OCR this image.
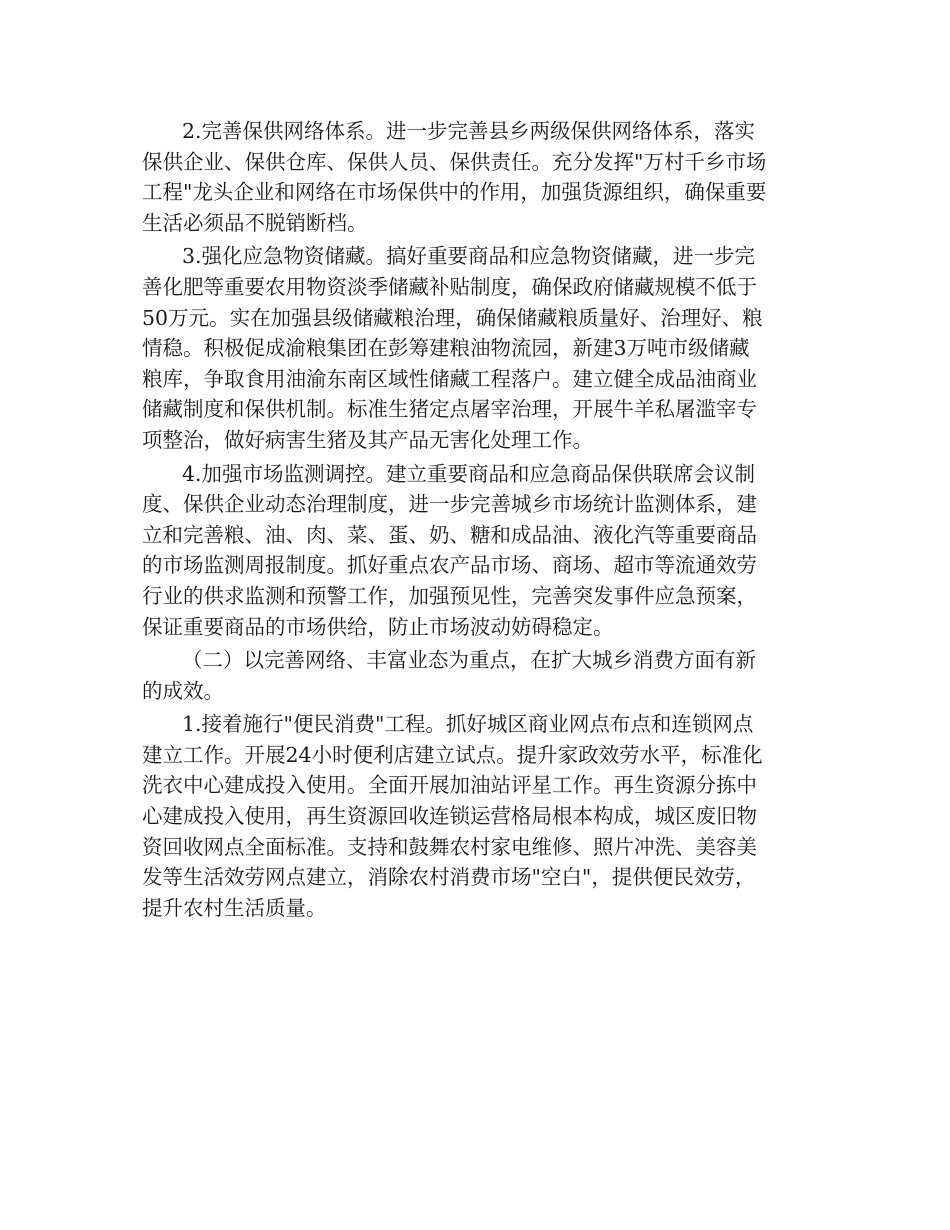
2.完善保供网络体系。进一步完善县乡两级保供网络体系，落实
保供企业、保供仓库、保供人员、保供责任。充分发挥"万村千乡市场
工程"龙头企业和网络在市场保供中的作用，加强货源组织，确保重要
生活必须品不脱销断档。
3.强化应急物资储藏。搞好重要商品和应急物资储藏，进一步完
善化肥等重要农用物资淡季储藏补贴制度，确保政府储藏规模不低于
50万元。实在加强县级储藏粮治理，确保储藏粮质量好、治理好、粮
情稳。积极促成渝粮集团在彭筹建粮油物流园，新建3万吨市级储藏
粮库，争取食用油渝东南区域性储藏工程落户。建立健全成品油商业
储藏制度和保供机制。标准生猪定点屠宰治理，开展牛羊私屠滥宰专
项整治，做好病害生猪及其产品无害化处理工作。
4.加强市场监测调控。建立重要商品和应急商品保供联席会议制
度、保供企业动态治理制度，进一步完善城乡市场统计监测体系，建
立和完善粮、油、肉、菜、蛋、奶、糖和成品油、液化汽等重要商品
的市场监测周报制度。抓好重点农产品市场、商场、超市等流通效劳
行业的供求监测和预警工作，加强预见性，完善突发事件应急预案，
保证重要商品的市场供给，防止市场波动妨碍稳定。
（二）以完善网络、丰富业态为重点，在扩大城乡消费方面有新
的成效。
1.接着施行"便民消费"工程。抓好城区商业网点布点和连锁网点
建立工作。开展24小时便利店建立试点。提升家政效劳水平，标准化
洗衣中心建成投入使用。全面开展加油站评星工作。再生资源分拣中
心建成投入使用，再生资源回收连锁运营格局根本构成，城区废旧物
资回收网点全面标准。支持和鼓舞农村家电维修、照片冲洗、美容美
发等生活效劳网点建立，消除农村消费市场"空白"，提供便民效劳，
提升农村生活质量。
